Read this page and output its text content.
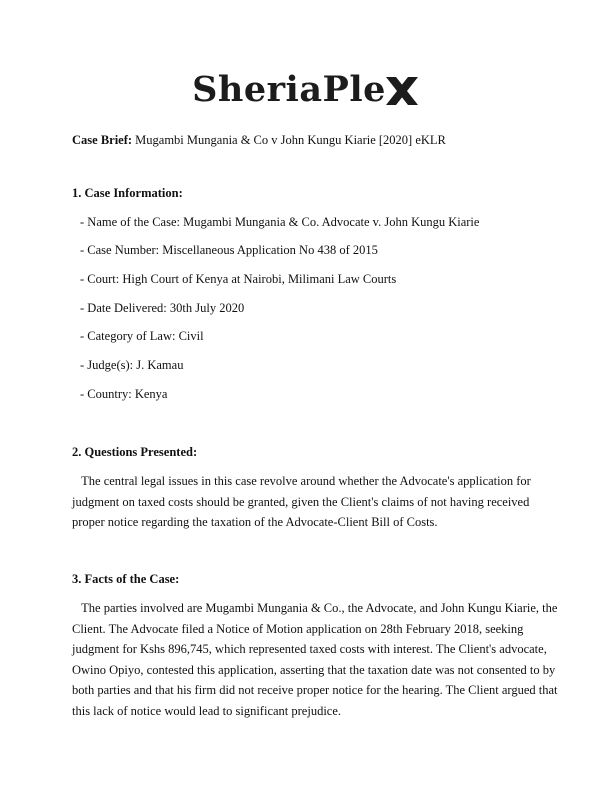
SheriaPle
Case Brief: Mugambi Mungania & Co v John Kungu Kiarie [2020] eKLR
1. Case Information:
- Name of the Case: Mugambi Mungania & Co. Advocate v. John Kungu Kiarie
- Case Number: Miscellaneous Application No 438 of 2015
- Court: High Court of Kenya at Nairobi, Milimani Law Courts
- Date Delivered: 30th July 2020
- Category of Law: Civil
- Judge(s): J. Kamau
- Country: Kenya
2. Questions Presented:
The central legal issues in this case revolve around whether the Advocate's application for
judgment on taxed costs should be granted, given the Client's claims of not having received
proper notice regarding the taxation of the Advocate-Client Bill of Costs.
3. Facts of the Case:
The parties involved are Mugambi Mungania & Co., the Advocate, and John Kungu Kiarie, the
Client. The Advocate filed a Notice of Motion application on 28th February 2018, seeking
judgment for Kshs 896,745, which represented taxed costs with interest. The Client's advocate,
Owino Opiyo, contested this application, asserting that the taxation date was not consented to by
both parties and that his firm did not receive proper notice for the hearing. The Client argued that
this lack of notice would lead to significant prejudice.
